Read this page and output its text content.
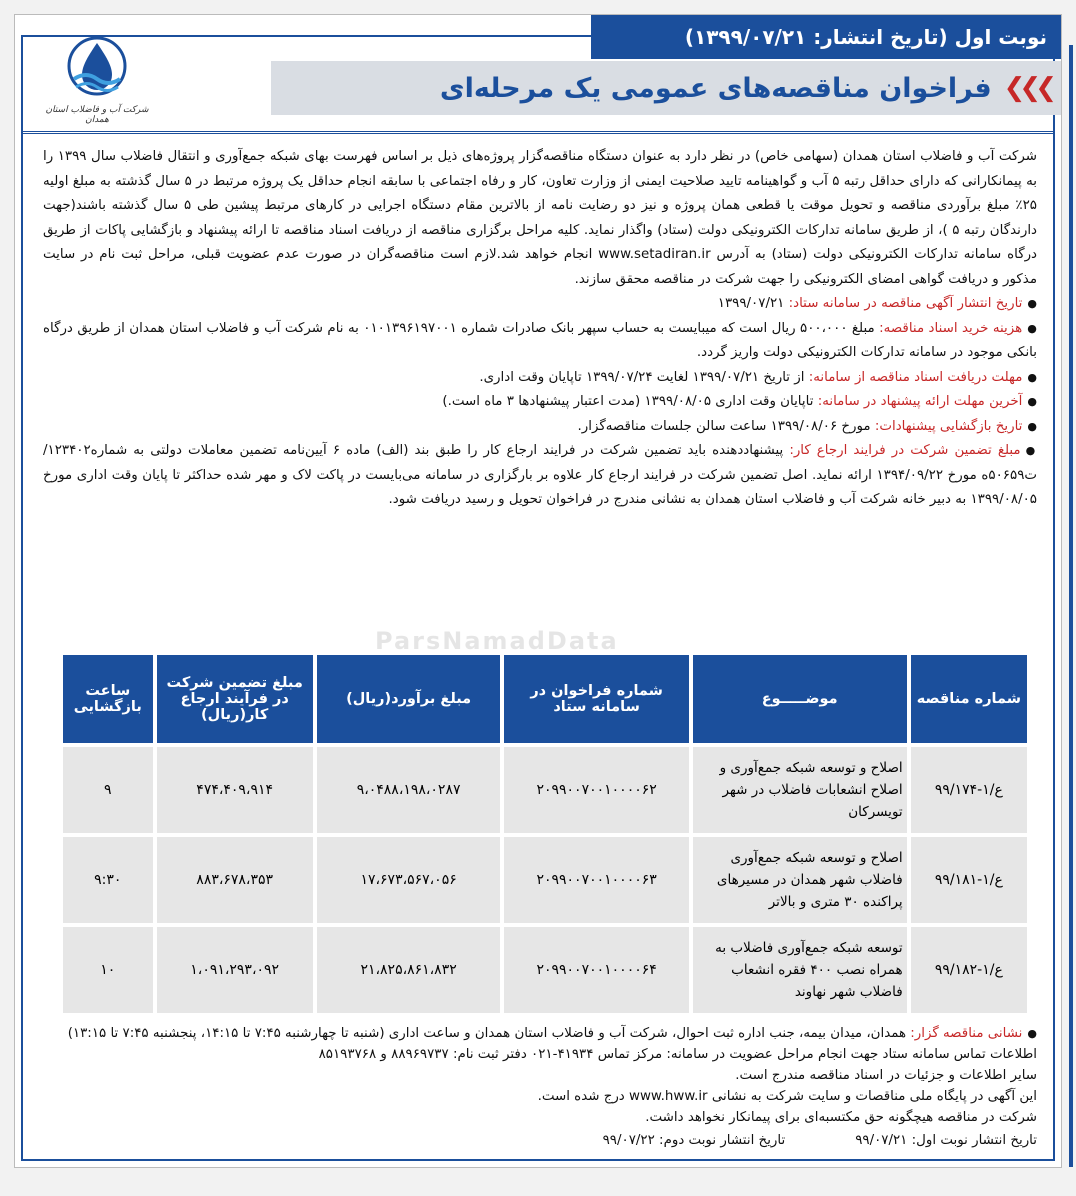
نوبت اول (تاریخ انتشار: ۱۳۹۹/۰۷/۲۱)
❯❯❯
فراخوان مناقصه‌های عمومی یک مرحله‌ای
شرکت آب و فاضلاب استان همدان

شرکت آب و فاضلاب استان همدان (سهامی خاص) در نظر دارد به عنوان دستگاه مناقصه‌گزار پروژه‌های ذیل بر اساس فهرست بهای شبکه جمع‌آوری و انتقال فاضلاب سال ۱۳۹۹ را به پیمانکارانی که دارای حداقل رتبه ۵ آب و گواهینامه تایید صلاحیت ایمنی از وزارت تعاون، کار و رفاه اجتماعی با سابقه انجام حداقل یک پروژه مرتبط در ۵ سال گذشته به مبلغ اولیه ۲۵٪ مبلغ برآوردی مناقصه و تحویل موقت یا قطعی همان پروژه و نیز دو رضایت نامه از بالاترین مقام دستگاه اجرایی در کارهای مرتبط پیشین طی ۵ سال گذشته باشند(جهت دارندگان رتبه ۵ )، از طریق سامانه تدارکات الکترونیکی دولت (ستاد) واگذار نماید. کلیه مراحل برگزاری مناقصه از دریافت اسناد مناقصه تا ارائه پیشنهاد و بازگشایی پاکات از طریق درگاه سامانه تدارکات الکترونیکی دولت (ستاد) به آدرس www.setadiran.ir انجام خواهد شد.لازم است مناقصه‌گران در صورت عدم عضویت قبلی، مراحل ثبت نام در سایت مذکور و دریافت گواهی امضای الکترونیکی را جهت شرکت در مناقصه محقق سازند.

● تاریخ انتشار آگهی مناقصه در سامانه ستاد: ۱۳۹۹/۰۷/۲۱

● هزینه خرید اسناد مناقصه: مبلغ ۵۰۰،۰۰۰ ریال است که میبایست به حساب سپهر بانک صادرات شماره ۰۱۰۱۳۹۶۱۹۷۰۰۱ به نام شرکت آب و فاضلاب استان همدان از طریق درگاه بانکی موجود در سامانه تدارکات الکترونیکی دولت واریز گردد.

● مهلت دریافت اسناد مناقصه از سامانه: از تاریخ ۱۳۹۹/۰۷/۲۱ لغایت ۱۳۹۹/۰۷/۲۴ تاپایان وقت اداری.

● آخرین مهلت ارائه پیشنهاد در سامانه: تاپایان وقت اداری ۱۳۹۹/۰۸/۰۵ (مدت اعتبار پیشنهادها ۳ ماه است.)

● تاریخ بازگشایی پیشنهادات: مورخ ۱۳۹۹/۰۸/۰۶ ساعت سالن جلسات مناقصه‌گزار.

● مبلغ تضمین شرکت در فرایند ارجاع کار: پیشنهاددهنده باید تضمین شرکت در فرایند ارجاع کار را طبق بند (الف) ماده ۶ آیین‌نامه تضمین معاملات دولتی به شماره۱۲۳۴۰۲/ت۵۰۶۵۹ه مورخ ۱۳۹۴/۰۹/۲۲ ارائه نماید. اصل تضمین شرکت در فرایند ارجاع کار علاوه بر بارگزاری در سامانه می‌بایست در پاکت لاک و مهر شده حداکثر تا پایان وقت اداری مورخ ۱۳۹۹/۰۸/۰۵ به دبیر خانه شرکت آب و فاضلاب استان همدان به نشانی مندرج در فراخوان تحویل و رسید دریافت شود.

ParsNamadData
شماره مناقصه	موضـــــوع	شماره فراخوان در سامانه ستاد	مبلغ برآورد(ریال)	مبلغ تضمین شرکت در فرآیند ارجاع کار(ریال)	ساعت بازگشایی
ع/۱-۹۹/۱۷۴	اصلاح و توسعه شبکه جمع‌آوری و اصلاح انشعابات فاضلاب در شهر تویسرکان	۲۰۹۹۰۰۷۰۰۱۰۰۰۰۶۲	۹،۰۴۸۸،۱۹۸،۰۲۸۷	۴۷۴،۴۰۹،۹۱۴	۹
ع/۱-۹۹/۱۸۱	اصلاح و توسعه شبکه جمع‌آوری فاضلاب شهر همدان در مسیرهای پراکنده ۳۰ متری و بالاتر	۲۰۹۹۰۰۷۰۰۱۰۰۰۰۶۳	۱۷،۶۷۳،۵۶۷،۰۵۶	۸۸۳،۶۷۸،۳۵۳	۹:۳۰
ع/۱-۹۹/۱۸۲	توسعه شبکه جمع‌آوری فاضلاب به همراه نصب ۴۰۰ فقره انشعاب فاضلاب شهر نهاوند	۲۰۹۹۰۰۷۰۰۱۰۰۰۰۶۴	۲۱،۸۲۵،۸۶۱،۸۳۲	۱،۰۹۱،۲۹۳،۰۹۲	۱۰

● نشانی مناقصه گزار: همدان، میدان بیمه، جنب اداره ثبت احوال، شرکت آب و فاضلاب استان همدان و ساعت اداری (شنبه تا چهارشنبه ۷:۴۵ تا ۱۴:۱۵، پنجشنبه ۷:۴۵ تا ۱۳:۱۵)

اطلاعات تماس سامانه ستاد جهت انجام مراحل عضویت در سامانه: مرکز تماس ۴۱۹۳۴-۰۲۱ دفتر ثبت نام: ۸۸۹۶۹۷۳۷ و ۸۵۱۹۳۷۶۸

سایر اطلاعات و جزئیات در اسناد مناقصه مندرج است.

این آگهی در پایگاه ملی مناقصات و سایت شرکت به نشانی www.hww.ir درج شده است.

شرکت در مناقصه هیچگونه حق مکتسبه‌ای برای پیمانکار نخواهد داشت.

تاریخ انتشار نوبت اول: ۹۹/۰۷/۲۱
تاریخ انتشار نوبت دوم: ۹۹/۰۷/۲۲
